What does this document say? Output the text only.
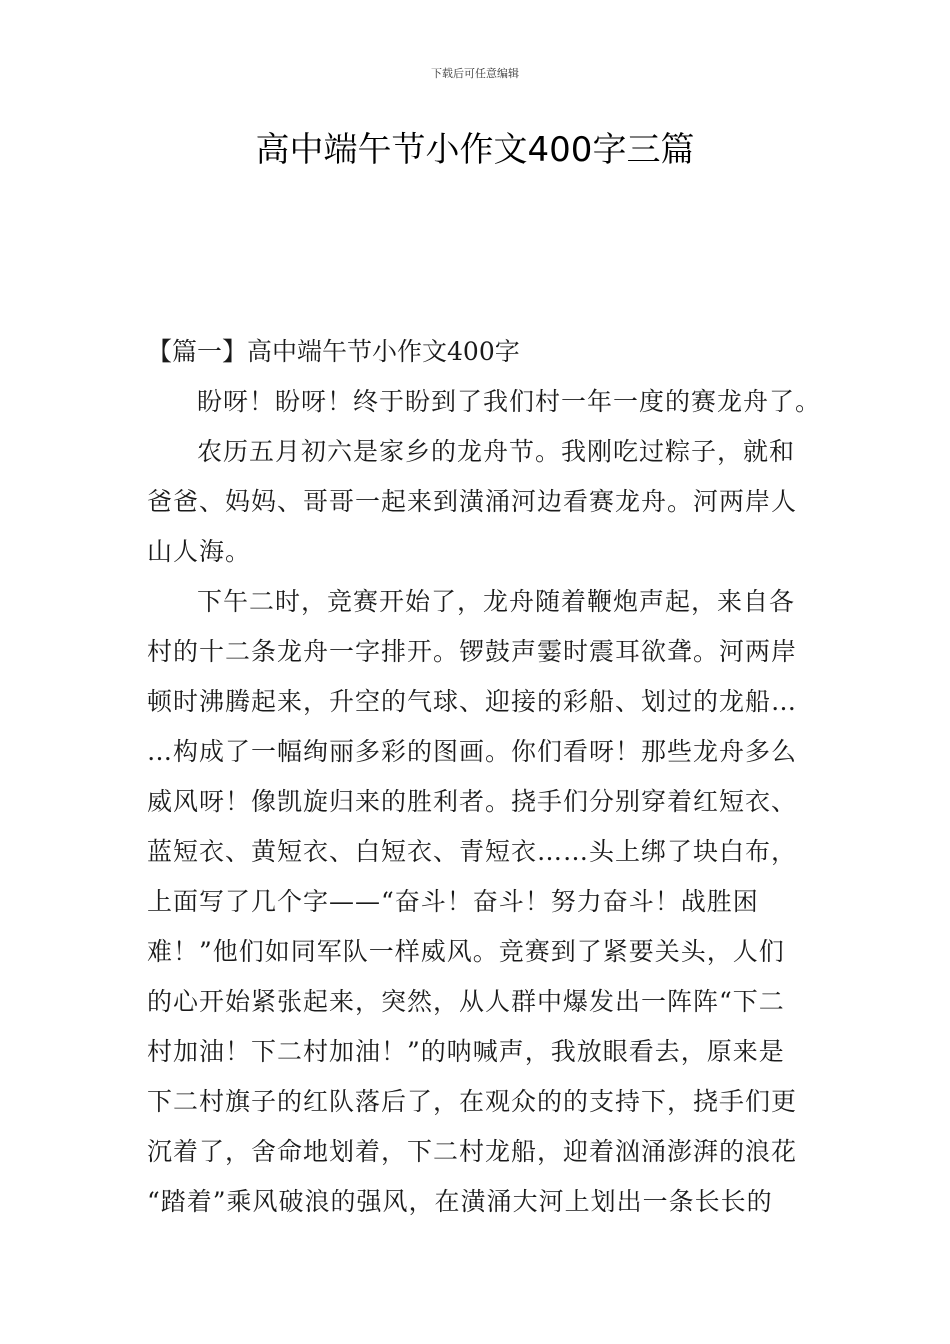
下载后可任意编辑
高中端午节小作文400字三篇
【篇一】高中端午节小作文400字
盼呀！盼呀！终于盼到了我们村一年一度的赛龙舟了。
农历五月初六是家乡的龙舟节。我刚吃过粽子，就和
爸爸、妈妈、哥哥一起来到潢涌河边看赛龙舟。河两岸人
山人海。
下午二时，竞赛开始了，龙舟随着鞭炮声起，来自各
村的十二条龙舟一字排开。锣鼓声霎时震耳欲聋。河两岸
顿时沸腾起来，升空的气球、迎接的彩船、划过的龙船…
…构成了一幅绚丽多彩的图画。你们看呀！那些龙舟多么
威风呀！像凯旋归来的胜利者。挠手们分别穿着红短衣、
蓝短衣、黄短衣、白短衣、青短衣……头上绑了块白布，
上面写了几个字——“奋斗！奋斗！努力奋斗！战胜困
难！”他们如同军队一样威风。竞赛到了紧要关头，人们
的心开始紧张起来，突然，从人群中爆发出一阵阵“下二
村加油！下二村加油！”的呐喊声，我放眼看去，原来是
下二村旗子的红队落后了，在观众的的支持下，挠手们更
沉着了，舍命地划着，下二村龙船，迎着汹涌澎湃的浪花
“踏着”乘风破浪的强风，在潢涌大河上划出一条长长的
